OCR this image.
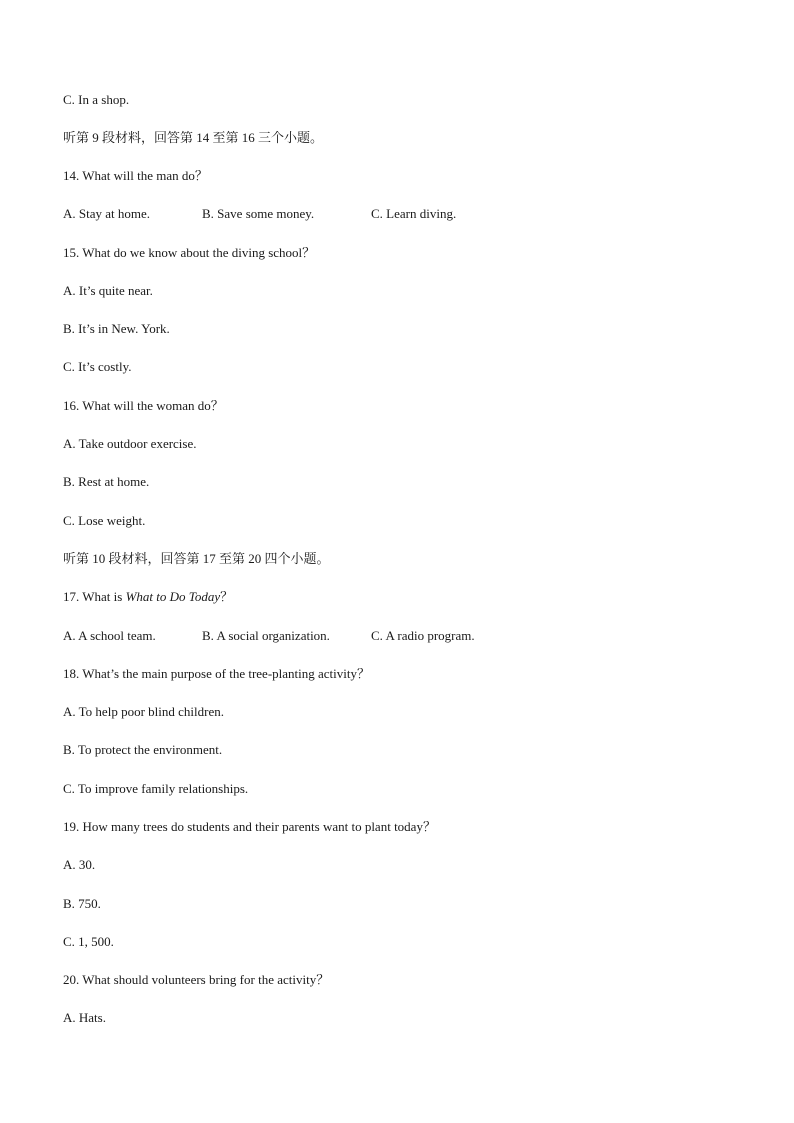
C. In a shop.
听第 9 段材料，回答第 14 至第 16 三个小题。
14. What will the man do？
A. Stay at home.	B. Save some money.	C. Learn diving.
15. What do we know about the diving school？
A. It’s quite near.
B. It’s in New. York.
C. It’s costly.
16. What will the woman do？
A. Take outdoor exercise.
B. Rest at home.
C. Lose weight.
听第 10 段材料，回答第 17 至第 20 四个小题。
17. What is What to Do Today？
A. A school team.	B. A social organization.	C. A radio program.
18. What’s the main purpose of the tree-planting activity？
A. To help poor blind children.
B. To protect the environment.
C. To improve family relationships.
19. How many trees do students and their parents want to plant today？
A. 30.
B. 750.
C. 1, 500.
20. What should volunteers bring for the activity？
A. Hats.
